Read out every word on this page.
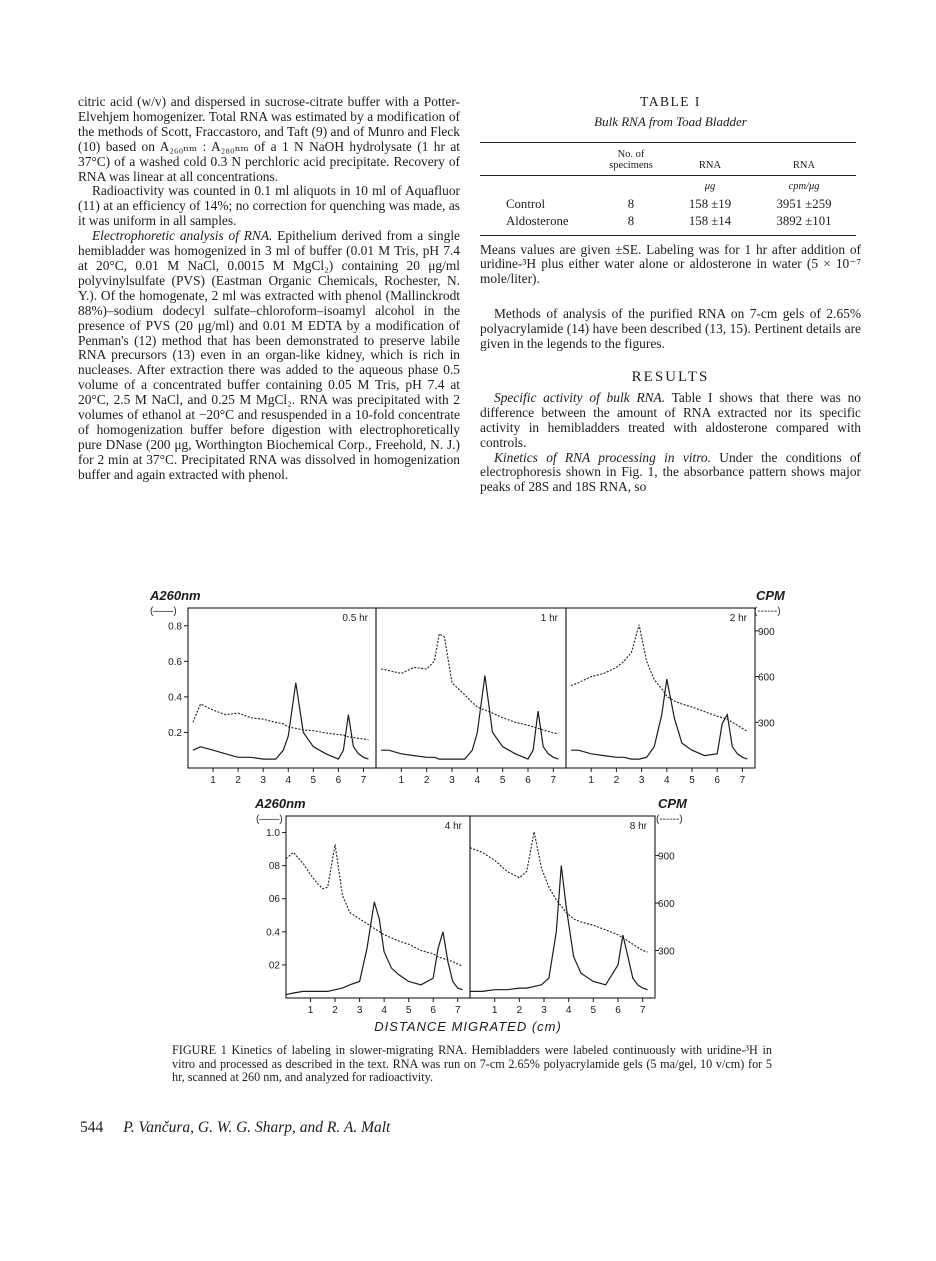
citric acid (w/v) and dispersed in sucrose-citrate buffer with a Potter-Elvehjem homogenizer. Total RNA was estimated by a modification of the methods of Scott, Fraccastoro, and Taft (9) and of Munro and Fleck (10) based on A₂₆₀ₙₘ : A₂₈₀ₙₘ of a 1 N NaOH hydrolysate (1 hr at 37°C) of a washed cold 0.3 N perchloric acid precipitate. Recovery of RNA was linear at all concentrations.

Radioactivity was counted in 0.1 ml aliquots in 10 ml of Aquafluor (11) at an efficiency of 14%; no correction for quenching was made, as it was uniform in all samples.

Electrophoretic analysis of RNA. Epithelium derived from a single hemibladder was homogenized in 3 ml of buffer (0.01 M Tris, pH 7.4 at 20°C, 0.01 M NaCl, 0.0015 M MgCl₂) containing 20 μg/ml polyvinylsulfate (PVS) (Eastman Organic Chemicals, Rochester, N. Y.). Of the homogenate, 2 ml was extracted with phenol (Mallinckrodt 88%)–sodium dodecyl sulfate–chloroform–isoamyl alcohol in the presence of PVS (20 μg/ml) and 0.01 M EDTA by a modification of Penman's (12) method that has been demonstrated to preserve labile RNA precursors (13) even in an organ-like kidney, which is rich in nucleases. After extraction there was added to the aqueous phase 0.5 volume of a concentrated buffer containing 0.05 M Tris, pH 7.4 at 20°C, 2.5 M NaCl, and 0.25 M MgCl₂. RNA was precipitated with 2 volumes of ethanol at −20°C and resuspended in a 10-fold concentrate of homogenization buffer before digestion with electrophoretically pure DNase (200 μg, Worthington Biochemical Corp., Freehold, N. J.) for 2 min at 37°C. Precipitated RNA was dissolved in homogenization buffer and again extracted with phenol.

TABLE I
Bulk RNA from Toad Bladder
	No. of specimens	RNA	RNA
		μg	cpm/μg
Control	8	158 ±19	3951 ±259
Aldosterone	8	158 ±14	3892 ±101

Means values are given ±SE. Labeling was for 1 hr after addition of uridine-³H plus either water alone or aldosterone in water (5 × 10⁻⁷ mole/liter).

Methods of analysis of the purified RNA on 7-cm gels of 2.65% polyacrylamide (14) have been described (13, 15). Pertinent details are given in the legends to the figures.

RESULTS

Specific activity of bulk RNA. Table I shows that there was no difference between the amount of RNA extracted nor its specific activity in hemibladders treated with aldosterone compared with controls.

Kinetics of RNA processing in vitro. Under the conditions of electrophoresis shown in Fig. 1, the absorbance pattern shows major peaks of 28S and 18S RNA, so

A260nm
(——)
CPM
(------)
A260nm
(——)
CPM
(------)
DISTANCE MIGRATED (cm)
0.5 hr
1 2 3 4 5 6 7
0.8
0.6
0.4
0.2
1 hr
1 2 3 4 5 6 7
2 hr
1 2 3 4 5 6 7
900
600
300
4 hr
1 2 3 4 5 6 7
1.0
08
06
0.4
02
8 hr
1 2 3 4 5 6 7
900
600
300
FIGURE 1 Kinetics of labeling in slower-migrating RNA. Hemibladders were labeled continuously with uridine-³H in vitro and processed as described in the text. RNA was run on 7-cm 2.65% polyacrylamide gels (5 ma/gel, 10 v/cm) for 5 hr, scanned at 260 nm, and analyzed for radioactivity.
544 P. Vančura, G. W. G. Sharp, and R. A. Malt
